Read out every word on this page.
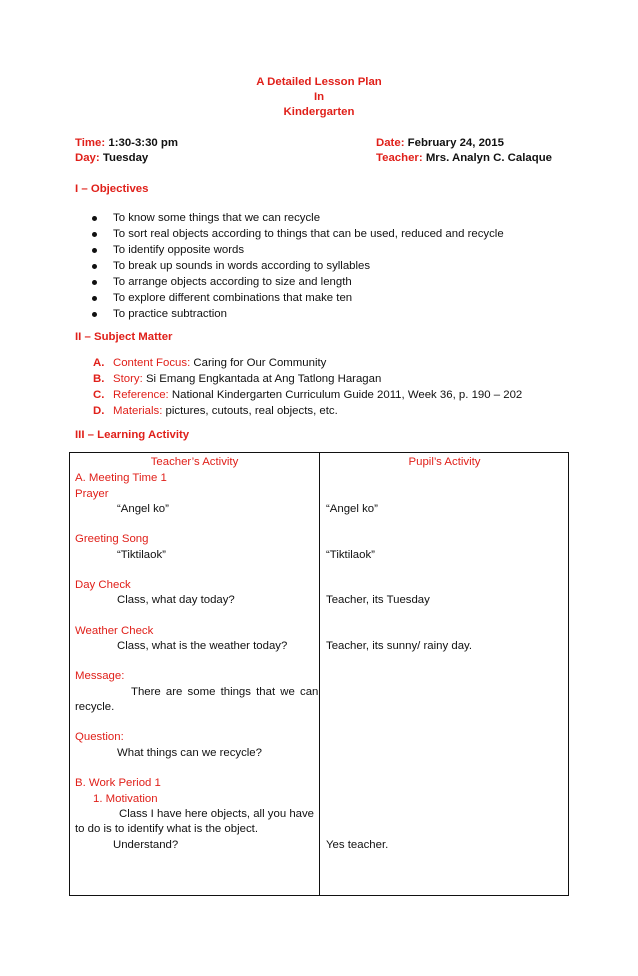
A Detailed Lesson Plan
In
Kindergarten
Time: 1:30-3:30 pm
Day: Tuesday
Date: February 24, 2015
Teacher: Mrs. Analyn C. Calaque
I – Objectives
To know some things that we can recycle
To sort real objects according to things that can be used, reduced and recycle
To identify opposite words
To break up sounds in words according to syllables
To arrange objects according to size and length
To explore different combinations that make ten
To practice subtraction
II – Subject Matter
A. Content Focus: Caring for Our Community
B. Story: Si Emang Engkantada at Ang Tatlong Haragan
C. Reference: National Kindergarten Curriculum Guide 2011, Week 36, p. 190 – 202
D. Materials: pictures, cutouts, real objects, etc.
III – Learning Activity
Teacher’s Activity
A. Meeting Time 1
Prayer
“Angel ko”
Greeting Song
“Tiktilaok”
Day Check
Class, what day today?
Weather Check
Class, what is the weather today?
Message:
There are some things that we can
recycle.
Question:
What things can we recycle?
B. Work Period 1
1. Motivation
Class I have here objects, all you have
to do is to identify what is the object.
Understand?
Pupil’s Activity
“Angel ko”
“Tiktilaok”
Teacher, its Tuesday
Teacher, its sunny/ rainy day.
Yes teacher.
